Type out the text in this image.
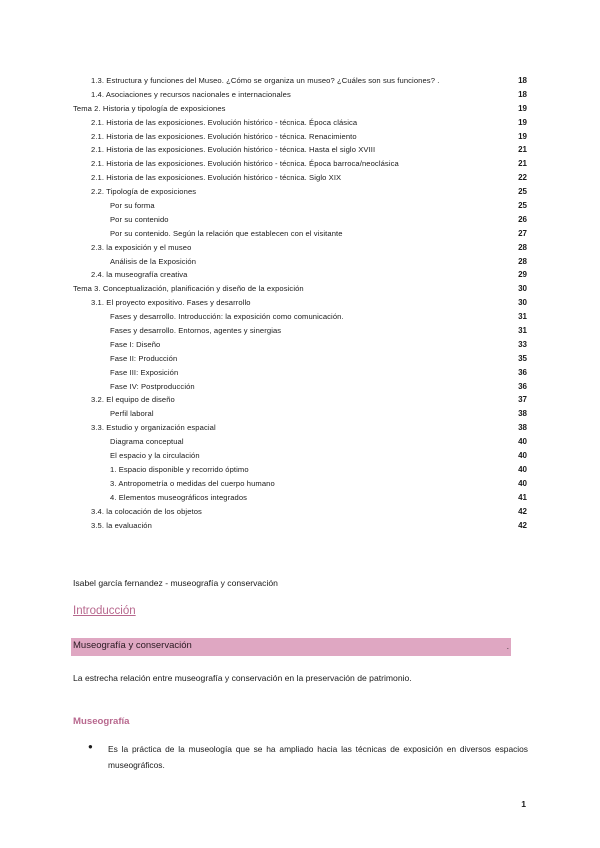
1.3. Estructura y funciones del Museo. ¿Cómo se organiza un museo? ¿Cuáles son sus funciones? .	18
1.4. Asociaciones y recursos nacionales e internacionales	18
Tema 2. Historia y tipología de exposiciones	19
2.1. Historia de las exposiciones. Evolución histórico - técnica. Época clásica	19
2.1. Historia de las exposiciones. Evolución histórico - técnica. Renacimiento	19
2.1. Historia de las exposiciones. Evolución histórico - técnica. Hasta el siglo XVIII	21
2.1. Historia de las exposiciones. Evolución histórico - técnica. Época barroca/neoclásica	21
2.1. Historia de las exposiciones. Evolución histórico - técnica. Siglo XIX	22
2.2. Tipología de exposiciones	25
Por su forma	25
Por su contenido	26
Por su contenido. Según la relación que establecen con el visitante	27
2.3. la exposición y el museo	28
Análisis de la Exposición	28
2.4. la museografía creativa	29
Tema 3. Conceptualización, planificación y diseño de la exposición	30
3.1. El proyecto expositivo. Fases y desarrollo	30
Fases y desarrollo. Introducción: la exposición como comunicación.	31
Fases y desarrollo. Entornos, agentes y sinergias	31
Fase I: Diseño	33
Fase II: Producción	35
Fase III: Exposición	36
Fase IV: Postproducción	36
3.2. El equipo de diseño	37
Perfil laboral	38
3.3. Estudio y organización espacial	38
Diagrama conceptual	40
El espacio y la circulación	40
1. Espacio disponible y recorrido óptimo	40
3. Antropometría o medidas del cuerpo humano	40
4. Elementos museográficos integrados	41
3.4. la colocación de los objetos	42
3.5. la evaluación	42
Isabel garcía fernandez - museografía y conservación
Introducción
Museografía y conservación	.
La estrecha relación entre museografía y conservación en la preservación de patrimonio.
Museografía
● Es la práctica de la museología que se ha ampliado hacia las técnicas de exposición en diversos espacios museográficos.
1
